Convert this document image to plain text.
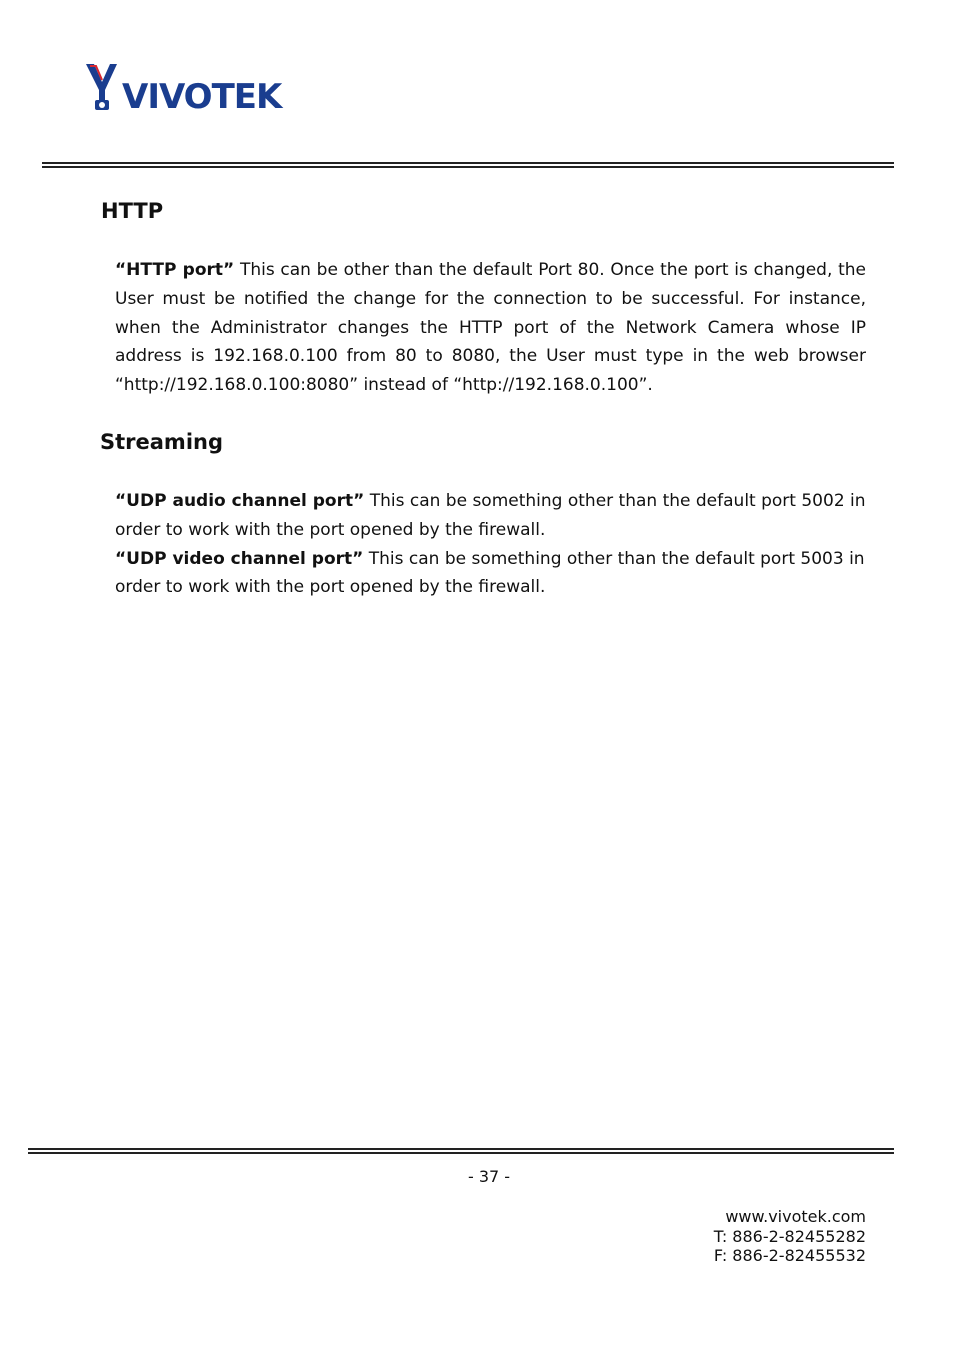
VIVOTEK
HTTP

“HTTP port” This can be other than the default Port 80. Once the port is changed, the User must be notified the change for the connection to be successful. For instance, when the Administrator changes the HTTP port of the Network Camera whose IP address is 192.168.0.100 from 80 to 8080, the User must type in the web browser “http://192.168.0.100:8080” instead of “http://192.168.0.100”.

Streaming

“UDP audio channel port” This can be something other than the default port 5002 in order to work with the port opened by the firewall.
“UDP video channel port” This can be something other than the default port 5003 in order to work with the port opened by the firewall.

- 37 -
www.vivotek.com
T: 886-2-82455282
F: 886-2-82455532
